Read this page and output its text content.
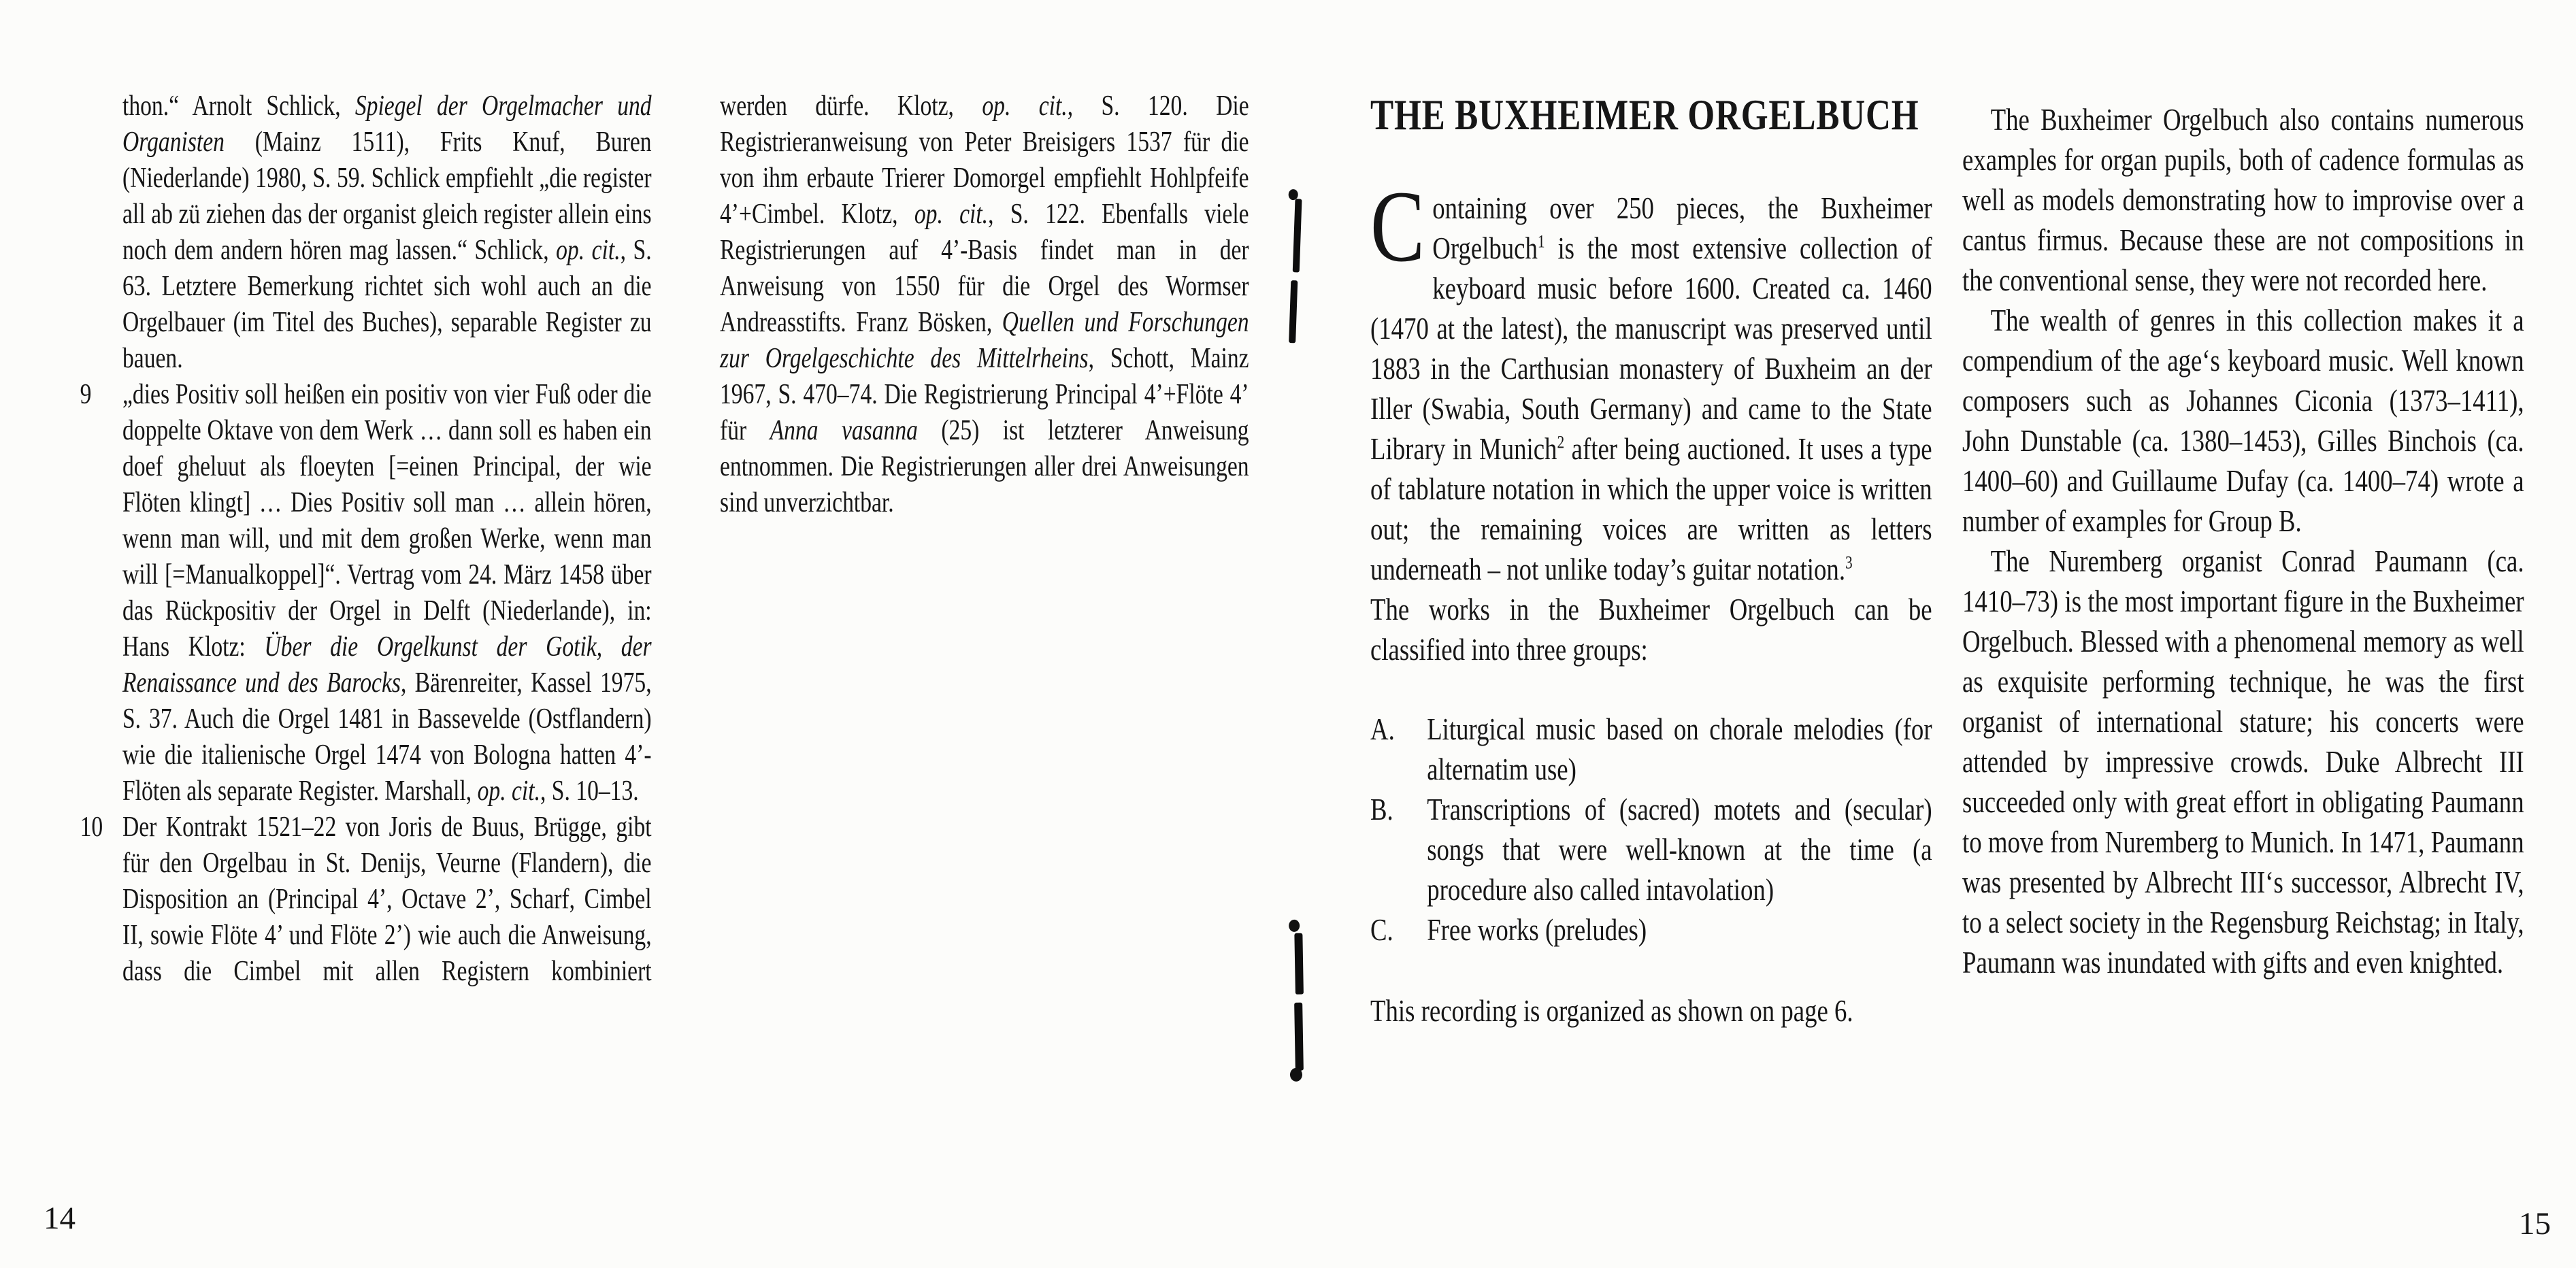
thon.“ Arnolt Schlick, Spiegel der Orgelmacher und Organisten (Mainz 1511), Frits Knuf, Buren (Niederlande) 1980, S. 59. Schlick empfiehlt „die register all ab zü ziehen das der organist gleich register allein eins noch dem andern hören mag lassen.“ Schlick, op. cit., S. 63. Letztere Bemerkung richtet sich wohl auch an die Orgelbauer (im Titel des Buches), separable Register zu bauen.

9 „dies Positiv soll heißen ein positiv von vier Fuß oder die doppelte Oktave von dem Werk … dann soll es haben ein doef gheluut als floeyten [=einen Principal, der wie Flöten klingt] … Dies Positiv soll man … allein hören, wenn man will, und mit dem großen Werke, wenn man will [=Manualkoppel]“. Vertrag vom 24. März 1458 über das Rückpositiv der Orgel in Delft (Niederlande), in: Hans Klotz: Über die Orgelkunst der Gotik, der Renaissance und des Barocks, Bärenreiter, Kassel 1975, S. 37. Auch die Orgel 1481 in Bassevelde (Ostflandern) wie die italienische Orgel 1474 von Bologna hatten 4’-Flöten als separate Register. Marshall, op. cit., S. 10–13.

10 Der Kontrakt 1521–22 von Joris de Buus, Brügge, gibt für den Orgelbau in St. Denijs, Veurne (Flandern), die Disposition an (Principal 4’, Octave 2’, Scharf, Cimbel II, sowie Flöte 4’ und Flöte 2’) wie auch die Anweisung, dass die Cimbel mit allen Registern kombiniert

werden dürfe. Klotz, op. cit., S. 120. Die Registrieranweisung von Peter Breisigers 1537 für die von ihm erbaute Trierer Domorgel empfiehlt Hohlpfeife 4’+Cimbel. Klotz, op. cit., S. 122. Ebenfalls viele Registrierungen auf 4’-Basis findet man in der Anweisung von 1550 für die Orgel des Wormser Andreasstifts. Franz Bösken, Quellen und Forschungen zur Orgelgeschichte des Mittelrheins, Schott, Mainz 1967, S. 470–74. Die Registrierung Principal 4’+Flöte 4’ für Anna vasanna (25) ist letzterer Anweisung entnommen. Die Registrierungen aller drei Anweisungen sind unverzichtbar.

THE BUXHEIMER ORGELBUCH

Containing over 250 pieces, the Buxheimer Orgelbuch$^1$ is the most extensive collection of keyboard music before 1600. Created ca. 1460 (1470 at the latest), the manuscript was preserved until 1883 in the Carthusian monastery of Buxheim an der Iller (Swabia, South Germany) and came to the State Library in Munich$^2$ after being auctioned. It uses a type of tablature notation in which the upper voice is written out; the remaining voices are written as letters underneath – not unlike today’s guitar notation.$^3$

The works in the Buxheimer Orgelbuch can be classified into three groups:

A. Liturgical music based on chorale melodies (for alternatim use)
B. Transcriptions of (sacred) motets and (secular) songs that were well-known at the time (a procedure also called intavolation)
C. Free works (preludes)

This recording is organized as shown on page 6.

The Buxheimer Orgelbuch also contains numerous examples for organ pupils, both of cadence formulas as well as models demonstrating how to improvise over a cantus firmus. Because these are not compositions in the conventional sense, they were not recorded here.

The wealth of genres in this collection makes it a compendium of the age‘s keyboard music. Well known composers such as Johannes Ciconia (1373–1411), John Dunstable (ca. 1380–1453), Gilles Binchois (ca. 1400–60) and Guillaume Dufay (ca. 1400–74) wrote a number of examples for Group B.

The Nuremberg organist Conrad Paumann (ca. 1410–73) is the most important figure in the Buxheimer Orgelbuch. Blessed with a phenomenal memory as well as exquisite performing technique, he was the first organist of international stature; his concerts were attended by impressive crowds. Duke Albrecht III succeeded only with great effort in obligating Paumann to move from Nuremberg to Munich. In 1471, Paumann was presented by Albrecht III‘s successor, Albrecht IV, to a select society in the Regensburg Reichstag; in Italy, Paumann was inundated with gifts and even knighted.

14	15
